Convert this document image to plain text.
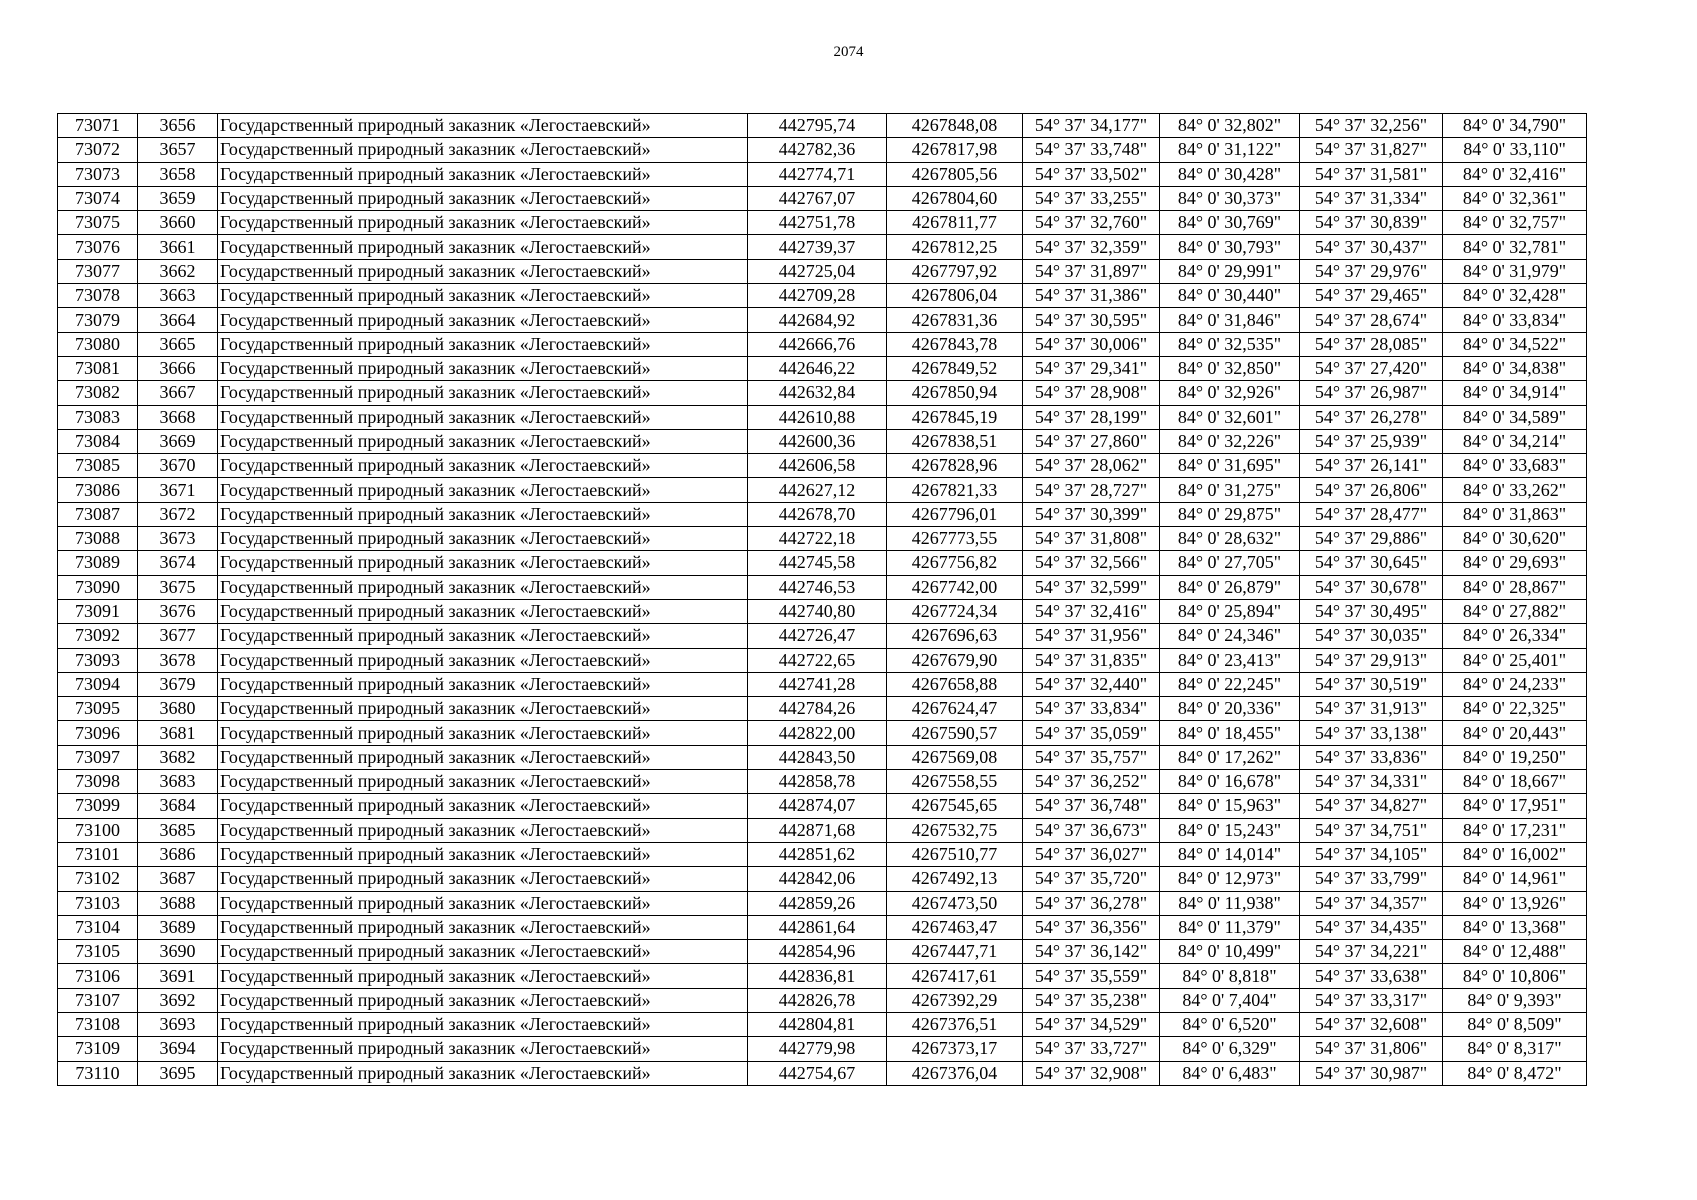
2074
73071	3656	Государственный природный заказник «Легостаевский»	442795,74	4267848,08	54° 37' 34,177"	84° 0' 32,802"	54° 37' 32,256"	84° 0' 34,790"
73072	3657	Государственный природный заказник «Легостаевский»	442782,36	4267817,98	54° 37' 33,748"	84° 0' 31,122"	54° 37' 31,827"	84° 0' 33,110"
73073	3658	Государственный природный заказник «Легостаевский»	442774,71	4267805,56	54° 37' 33,502"	84° 0' 30,428"	54° 37' 31,581"	84° 0' 32,416"
73074	3659	Государственный природный заказник «Легостаевский»	442767,07	4267804,60	54° 37' 33,255"	84° 0' 30,373"	54° 37' 31,334"	84° 0' 32,361"
73075	3660	Государственный природный заказник «Легостаевский»	442751,78	4267811,77	54° 37' 32,760"	84° 0' 30,769"	54° 37' 30,839"	84° 0' 32,757"
73076	3661	Государственный природный заказник «Легостаевский»	442739,37	4267812,25	54° 37' 32,359"	84° 0' 30,793"	54° 37' 30,437"	84° 0' 32,781"
73077	3662	Государственный природный заказник «Легостаевский»	442725,04	4267797,92	54° 37' 31,897"	84° 0' 29,991"	54° 37' 29,976"	84° 0' 31,979"
73078	3663	Государственный природный заказник «Легостаевский»	442709,28	4267806,04	54° 37' 31,386"	84° 0' 30,440"	54° 37' 29,465"	84° 0' 32,428"
73079	3664	Государственный природный заказник «Легостаевский»	442684,92	4267831,36	54° 37' 30,595"	84° 0' 31,846"	54° 37' 28,674"	84° 0' 33,834"
73080	3665	Государственный природный заказник «Легостаевский»	442666,76	4267843,78	54° 37' 30,006"	84° 0' 32,535"	54° 37' 28,085"	84° 0' 34,522"
73081	3666	Государственный природный заказник «Легостаевский»	442646,22	4267849,52	54° 37' 29,341"	84° 0' 32,850"	54° 37' 27,420"	84° 0' 34,838"
73082	3667	Государственный природный заказник «Легостаевский»	442632,84	4267850,94	54° 37' 28,908"	84° 0' 32,926"	54° 37' 26,987"	84° 0' 34,914"
73083	3668	Государственный природный заказник «Легостаевский»	442610,88	4267845,19	54° 37' 28,199"	84° 0' 32,601"	54° 37' 26,278"	84° 0' 34,589"
73084	3669	Государственный природный заказник «Легостаевский»	442600,36	4267838,51	54° 37' 27,860"	84° 0' 32,226"	54° 37' 25,939"	84° 0' 34,214"
73085	3670	Государственный природный заказник «Легостаевский»	442606,58	4267828,96	54° 37' 28,062"	84° 0' 31,695"	54° 37' 26,141"	84° 0' 33,683"
73086	3671	Государственный природный заказник «Легостаевский»	442627,12	4267821,33	54° 37' 28,727"	84° 0' 31,275"	54° 37' 26,806"	84° 0' 33,262"
73087	3672	Государственный природный заказник «Легостаевский»	442678,70	4267796,01	54° 37' 30,399"	84° 0' 29,875"	54° 37' 28,477"	84° 0' 31,863"
73088	3673	Государственный природный заказник «Легостаевский»	442722,18	4267773,55	54° 37' 31,808"	84° 0' 28,632"	54° 37' 29,886"	84° 0' 30,620"
73089	3674	Государственный природный заказник «Легостаевский»	442745,58	4267756,82	54° 37' 32,566"	84° 0' 27,705"	54° 37' 30,645"	84° 0' 29,693"
73090	3675	Государственный природный заказник «Легостаевский»	442746,53	4267742,00	54° 37' 32,599"	84° 0' 26,879"	54° 37' 30,678"	84° 0' 28,867"
73091	3676	Государственный природный заказник «Легостаевский»	442740,80	4267724,34	54° 37' 32,416"	84° 0' 25,894"	54° 37' 30,495"	84° 0' 27,882"
73092	3677	Государственный природный заказник «Легостаевский»	442726,47	4267696,63	54° 37' 31,956"	84° 0' 24,346"	54° 37' 30,035"	84° 0' 26,334"
73093	3678	Государственный природный заказник «Легостаевский»	442722,65	4267679,90	54° 37' 31,835"	84° 0' 23,413"	54° 37' 29,913"	84° 0' 25,401"
73094	3679	Государственный природный заказник «Легостаевский»	442741,28	4267658,88	54° 37' 32,440"	84° 0' 22,245"	54° 37' 30,519"	84° 0' 24,233"
73095	3680	Государственный природный заказник «Легостаевский»	442784,26	4267624,47	54° 37' 33,834"	84° 0' 20,336"	54° 37' 31,913"	84° 0' 22,325"
73096	3681	Государственный природный заказник «Легостаевский»	442822,00	4267590,57	54° 37' 35,059"	84° 0' 18,455"	54° 37' 33,138"	84° 0' 20,443"
73097	3682	Государственный природный заказник «Легостаевский»	442843,50	4267569,08	54° 37' 35,757"	84° 0' 17,262"	54° 37' 33,836"	84° 0' 19,250"
73098	3683	Государственный природный заказник «Легостаевский»	442858,78	4267558,55	54° 37' 36,252"	84° 0' 16,678"	54° 37' 34,331"	84° 0' 18,667"
73099	3684	Государственный природный заказник «Легостаевский»	442874,07	4267545,65	54° 37' 36,748"	84° 0' 15,963"	54° 37' 34,827"	84° 0' 17,951"
73100	3685	Государственный природный заказник «Легостаевский»	442871,68	4267532,75	54° 37' 36,673"	84° 0' 15,243"	54° 37' 34,751"	84° 0' 17,231"
73101	3686	Государственный природный заказник «Легостаевский»	442851,62	4267510,77	54° 37' 36,027"	84° 0' 14,014"	54° 37' 34,105"	84° 0' 16,002"
73102	3687	Государственный природный заказник «Легостаевский»	442842,06	4267492,13	54° 37' 35,720"	84° 0' 12,973"	54° 37' 33,799"	84° 0' 14,961"
73103	3688	Государственный природный заказник «Легостаевский»	442859,26	4267473,50	54° 37' 36,278"	84° 0' 11,938"	54° 37' 34,357"	84° 0' 13,926"
73104	3689	Государственный природный заказник «Легостаевский»	442861,64	4267463,47	54° 37' 36,356"	84° 0' 11,379"	54° 37' 34,435"	84° 0' 13,368"
73105	3690	Государственный природный заказник «Легостаевский»	442854,96	4267447,71	54° 37' 36,142"	84° 0' 10,499"	54° 37' 34,221"	84° 0' 12,488"
73106	3691	Государственный природный заказник «Легостаевский»	442836,81	4267417,61	54° 37' 35,559"	84° 0' 8,818"	54° 37' 33,638"	84° 0' 10,806"
73107	3692	Государственный природный заказник «Легостаевский»	442826,78	4267392,29	54° 37' 35,238"	84° 0' 7,404"	54° 37' 33,317"	84° 0' 9,393"
73108	3693	Государственный природный заказник «Легостаевский»	442804,81	4267376,51	54° 37' 34,529"	84° 0' 6,520"	54° 37' 32,608"	84° 0' 8,509"
73109	3694	Государственный природный заказник «Легостаевский»	442779,98	4267373,17	54° 37' 33,727"	84° 0' 6,329"	54° 37' 31,806"	84° 0' 8,317"
73110	3695	Государственный природный заказник «Легостаевский»	442754,67	4267376,04	54° 37' 32,908"	84° 0' 6,483"	54° 37' 30,987"	84° 0' 8,472"
